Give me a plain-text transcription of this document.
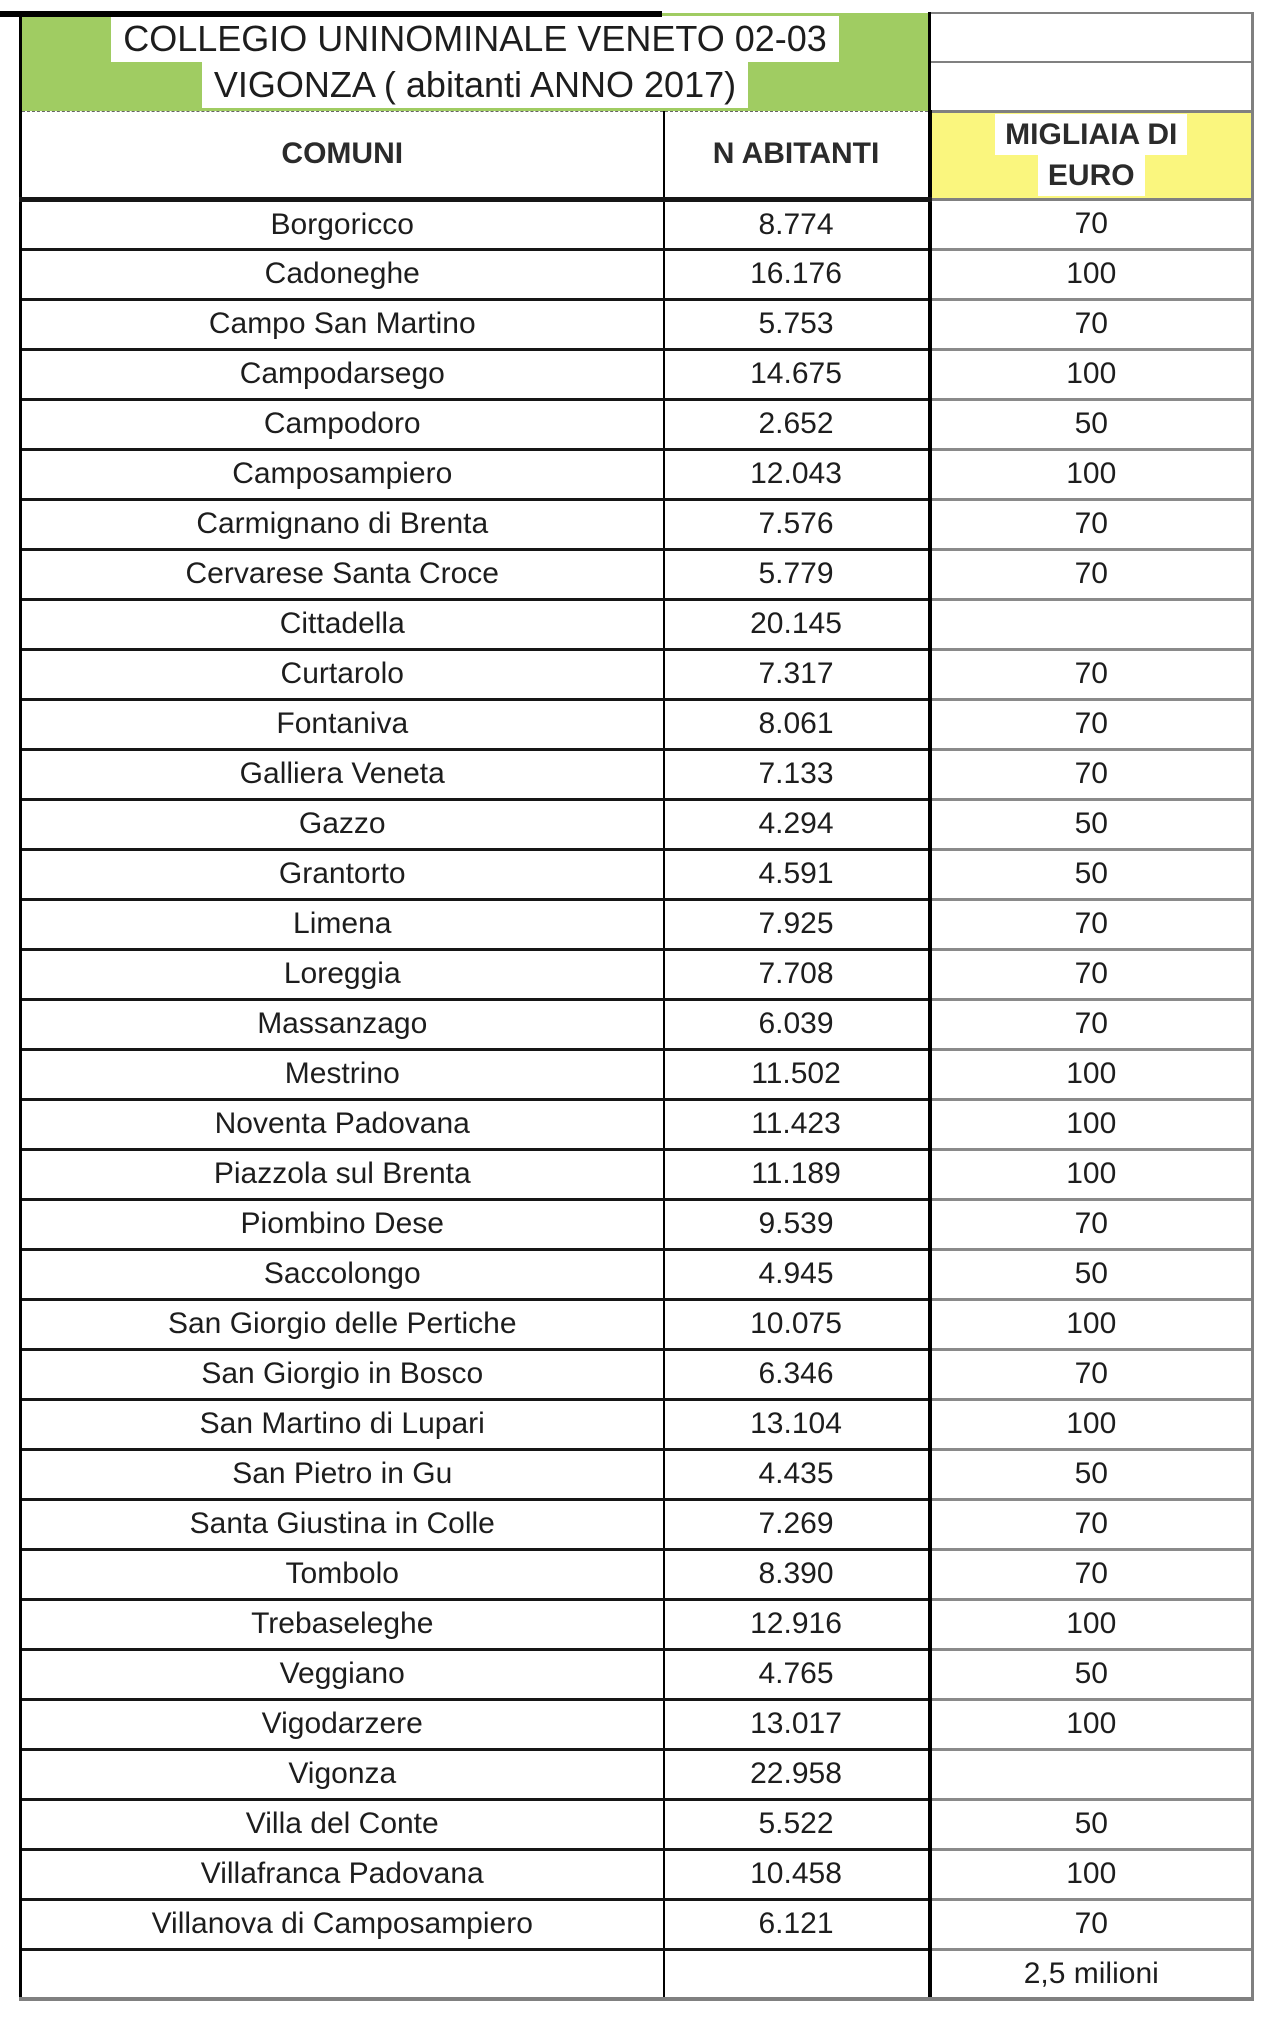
COLLEGIO UNINOMINALE VENETO 02-03
VIGONZA ( abitanti ANNO 2017)		

COMUNI	N ABITANTI	MIGLIAIA DI
EURO
Borgoricco	8.774	70
Cadoneghe	16.176	100
Campo San Martino	5.753	70
Campodarsego	14.675	100
Campodoro	2.652	50
Camposampiero	12.043	100
Carmignano di Brenta	7.576	70
Cervarese Santa Croce	5.779	70
Cittadella	20.145	
Curtarolo	7.317	70
Fontaniva	8.061	70
Galliera Veneta	7.133	70
Gazzo	4.294	50
Grantorto	4.591	50
Limena	7.925	70
Loreggia	7.708	70
Massanzago	6.039	70
Mestrino	11.502	100
Noventa Padovana	11.423	100
Piazzola sul Brenta	11.189	100
Piombino Dese	9.539	70
Saccolongo	4.945	50
San Giorgio delle Pertiche	10.075	100
San Giorgio in Bosco	6.346	70
San Martino di Lupari	13.104	100
San Pietro in Gu	4.435	50
Santa Giustina in Colle	7.269	70
Tombolo	8.390	70
Trebaseleghe	12.916	100
Veggiano	4.765	50
Vigodarzere	13.017	100
Vigonza	22.958	
Villa del Conte	5.522	50
Villafranca Padovana	10.458	100
Villanova di Camposampiero	6.121	70
		2,5 milioni
